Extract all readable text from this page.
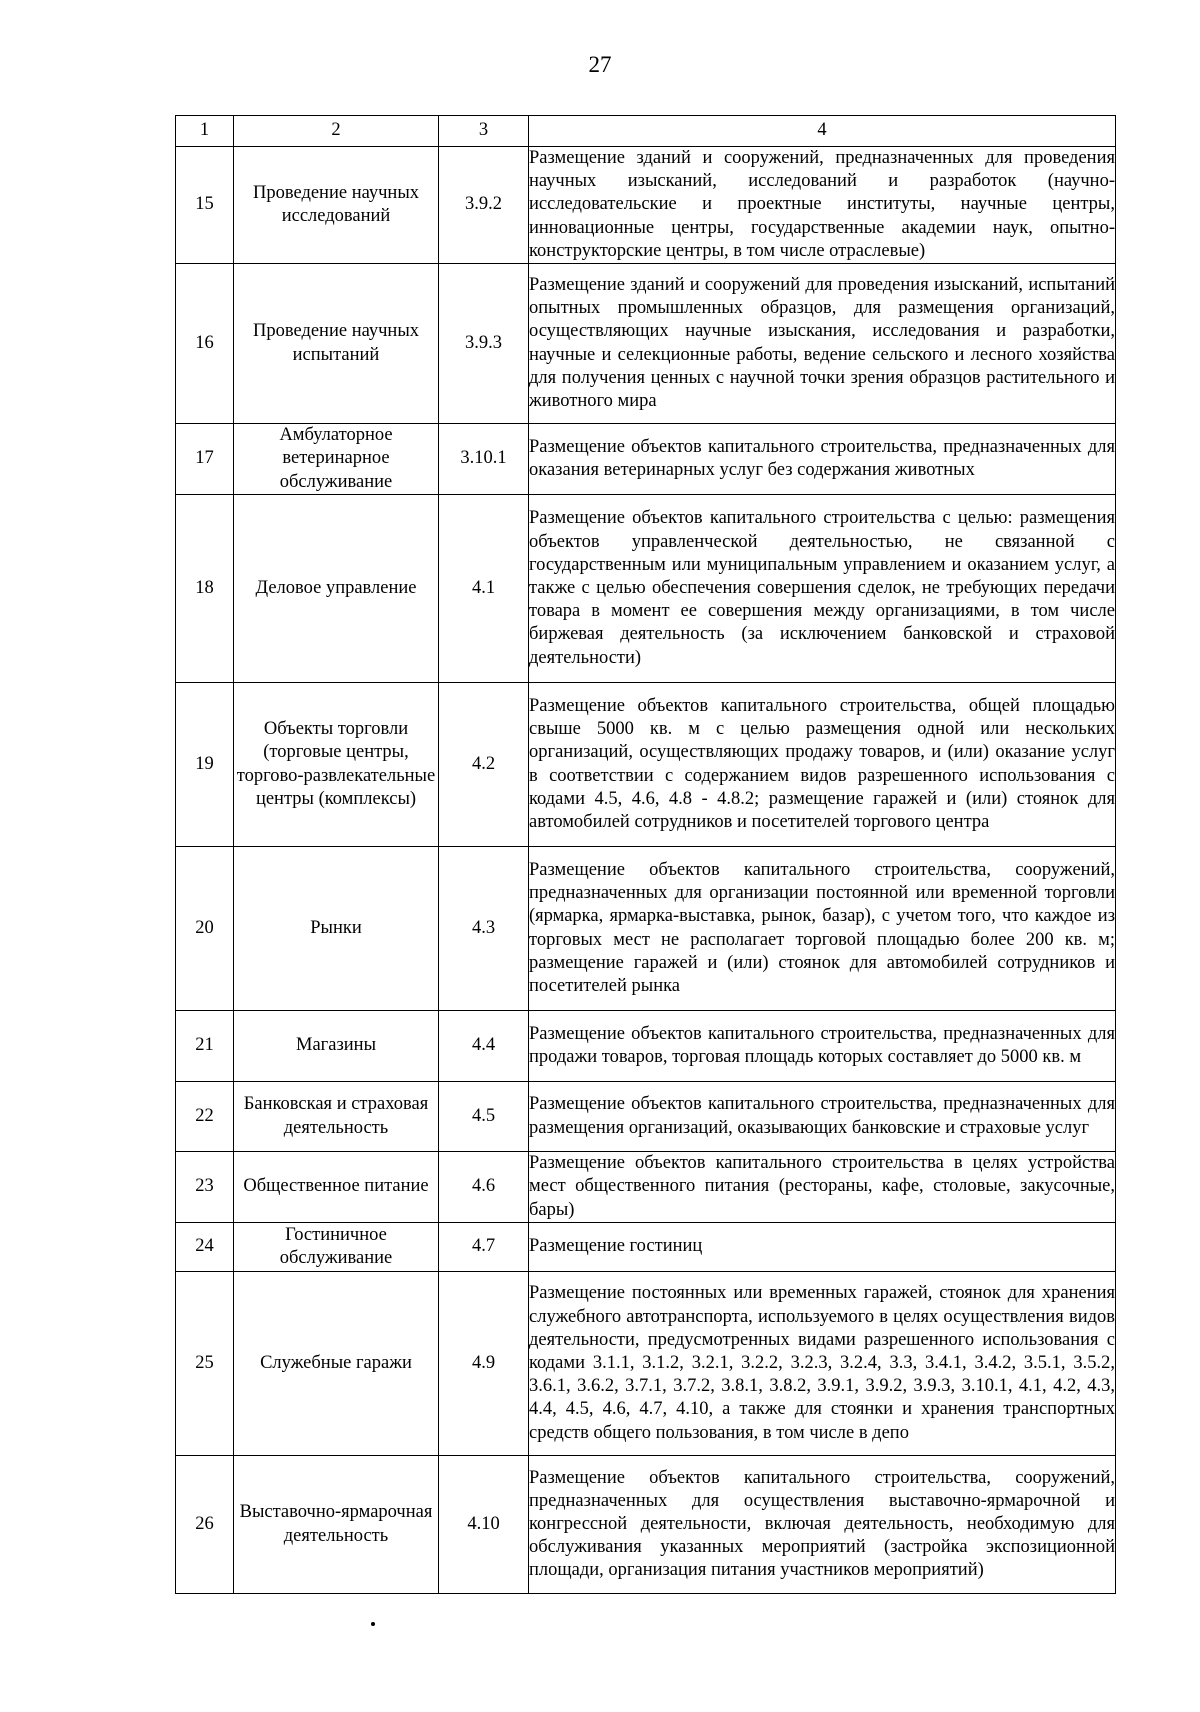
27
1	2	3	4
15	Проведение научных исследований	3.9.2	Размещение зданий и сооружений, предназначенных для проведения научных изысканий, исследований и разработок (научно-исследовательские и проектные институты, научные центры, инновационные центры, государственные академии наук, опытно-конструкторские центры, в том числе отраслевые)
16	Проведение научных испытаний	3.9.3	Размещение зданий и сооружений для проведения изысканий, испытаний опытных промышленных образцов, для размещения организаций, осуществляющих научные изыскания, исследования и разработки, научные и селекционные работы, ведение сельского и лесного хозяйства для получения ценных с научной точки зрения образцов растительного и животного мира
17	Амбулаторное ветеринарное обслуживание	3.10.1	Размещение объектов капитального строительства, предназначенных для оказания ветеринарных услуг без содержания животных
18	Деловое управление	4.1	Размещение объектов капитального строительства с целью: размещения объектов управленческой деятельностью, не связанной с государственным или муниципальным управлением и оказанием услуг, а также с целью обеспечения совершения сделок, не требующих передачи товара в момент ее совершения между организациями, в том числе биржевая деятельность (за исключением банковской и страховой деятельности)
19	Объекты торговли (торговые центры, торгово-развлекательные центры (комплексы)	4.2	Размещение объектов капитального строительства, общей площадью свыше 5000 кв. м с целью размещения одной или нескольких организаций, осуществляющих продажу товаров, и (или) оказание услуг в соответствии с содержанием видов разрешенного использования с кодами 4.5, 4.6, 4.8 - 4.8.2; размещение гаражей и (или) стоянок для автомобилей сотрудников и посетителей торгового центра
20	Рынки	4.3	Размещение объектов капитального строительства, сооружений, предназначенных для организации постоянной или временной торговли (ярмарка, ярмарка-выставка, рынок, базар), с учетом того, что каждое из торговых мест не располагает торговой площадью более 200 кв. м; размещение гаражей и (или) стоянок для автомобилей сотрудников и посетителей рынка
21	Магазины	4.4	Размещение объектов капитального строительства, предназначенных для продажи товаров, торговая площадь которых составляет до 5000 кв. м
22	Банковская и страховая деятельность	4.5	Размещение объектов капитального строительства, предназначенных для размещения организаций, оказывающих банковские и страховые услуг
23	Общественное питание	4.6	Размещение объектов капитального строительства в целях устройства мест общественного питания (рестораны, кафе, столовые, закусочные, бары)
24	Гостиничное обслуживание	4.7	Размещение гостиниц
25	Служебные гаражи	4.9	Размещение постоянных или временных гаражей, стоянок для хранения служебного автотранспорта, используемого в целях осуществления видов деятельности, предусмотренных видами разрешенного использования с кодами 3.1.1, 3.1.2, 3.2.1, 3.2.2, 3.2.3, 3.2.4, 3.3, 3.4.1, 3.4.2, 3.5.1, 3.5.2, 3.6.1, 3.6.2, 3.7.1, 3.7.2, 3.8.1, 3.8.2, 3.9.1, 3.9.2, 3.9.3, 3.10.1, 4.1, 4.2, 4.3, 4.4, 4.5, 4.6, 4.7, 4.10, а также для стоянки и хранения транспортных средств общего пользования, в том числе в депо
26	Выставочно-ярмарочная деятельность	4.10	Размещение объектов капитального строительства, сооружений, предназначенных для осуществления выставочно-ярмарочной и конгрессной деятельности, включая деятельность, необходимую для обслуживания указанных мероприятий (застройка экспозиционной площади, организация питания участников мероприятий)
